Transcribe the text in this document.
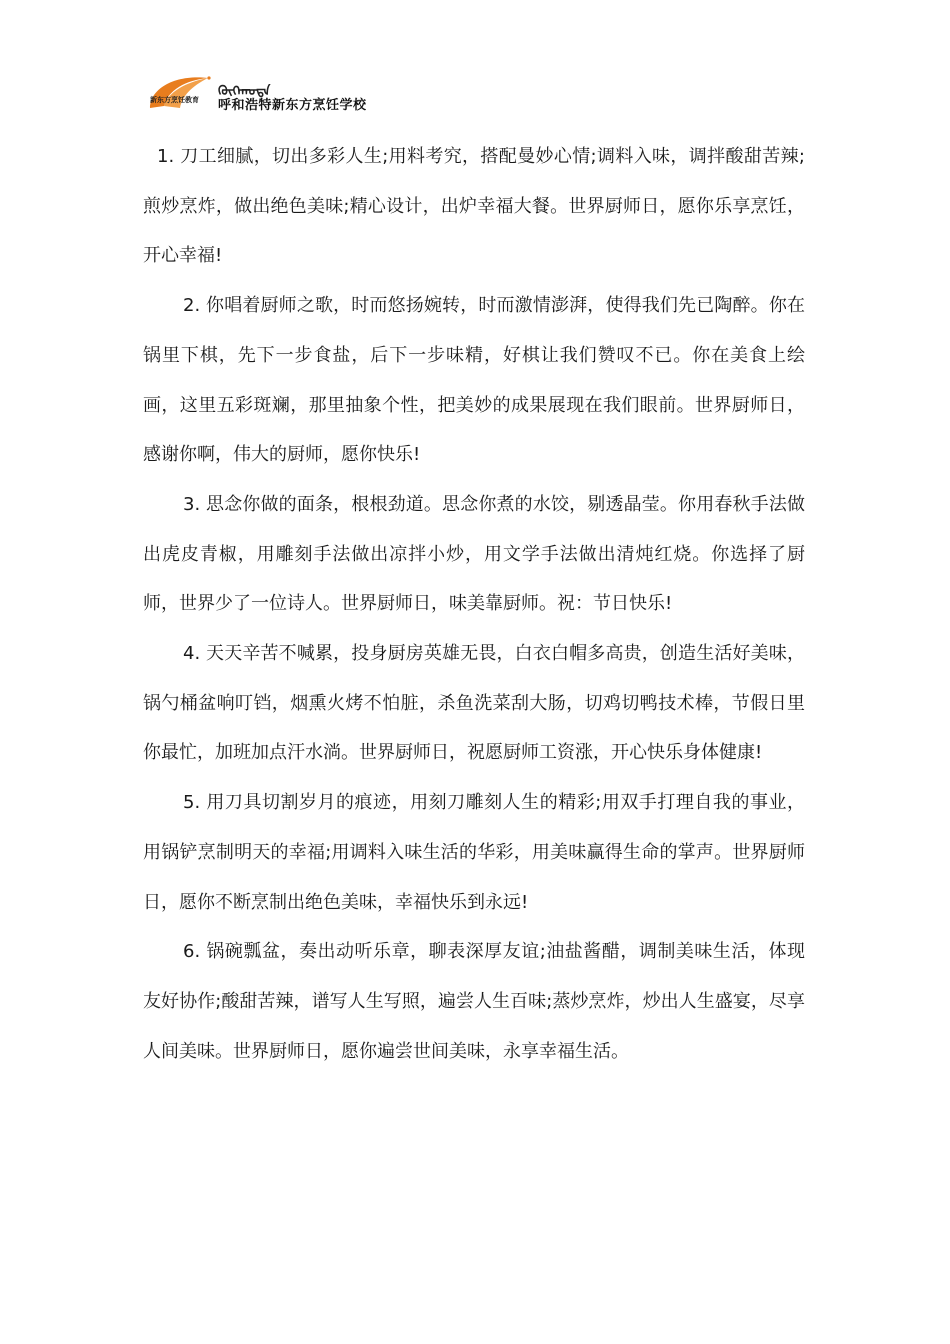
新东方烹饪教育
ᠬᠥᠬᠡᠬᠣᠲᠠ
呼和浩特新东方烹饪学校

1. 刀工细腻，切出多彩人生;用料考究，搭配曼妙心情;调料入味，调拌酸甜苦辣;煎炒烹炸，做出绝色美味;精心设计，出炉幸福大餐。世界厨师日，愿你乐享烹饪，开心幸福!

2. 你唱着厨师之歌，时而悠扬婉转，时而激情澎湃，使得我们先已陶醉。你在锅里下棋，先下一步食盐，后下一步味精，好棋让我们赞叹不已。你在美食上绘画，这里五彩斑斓，那里抽象个性，把美妙的成果展现在我们眼前。世界厨师日，感谢你啊，伟大的厨师，愿你快乐!

3. 思念你做的面条，根根劲道。思念你煮的水饺，剔透晶莹。你用春秋手法做出虎皮青椒，用雕刻手法做出凉拌小炒，用文学手法做出清炖红烧。你选择了厨师，世界少了一位诗人。世界厨师日，味美靠厨师。祝：节日快乐!

4. 天天辛苦不喊累，投身厨房英雄无畏，白衣白帽多高贵，创造生活好美味，锅勺桶盆响叮铛，烟熏火烤不怕脏，杀鱼洗菜刮大肠，切鸡切鸭技术棒，节假日里你最忙，加班加点汗水淌。世界厨师日，祝愿厨师工资涨，开心快乐身体健康!

5. 用刀具切割岁月的痕迹，用刻刀雕刻人生的精彩;用双手打理自我的事业，用锅铲烹制明天的幸福;用调料入味生活的华彩，用美味赢得生命的掌声。世界厨师日，愿你不断烹制出绝色美味，幸福快乐到永远!

6. 锅碗瓢盆，奏出动听乐章，聊表深厚友谊;油盐酱醋，调制美味生活，体现友好协作;酸甜苦辣，谱写人生写照，遍尝人生百味;蒸炒烹炸，炒出人生盛宴，尽享人间美味。世界厨师日，愿你遍尝世间美味，永享幸福生活。
